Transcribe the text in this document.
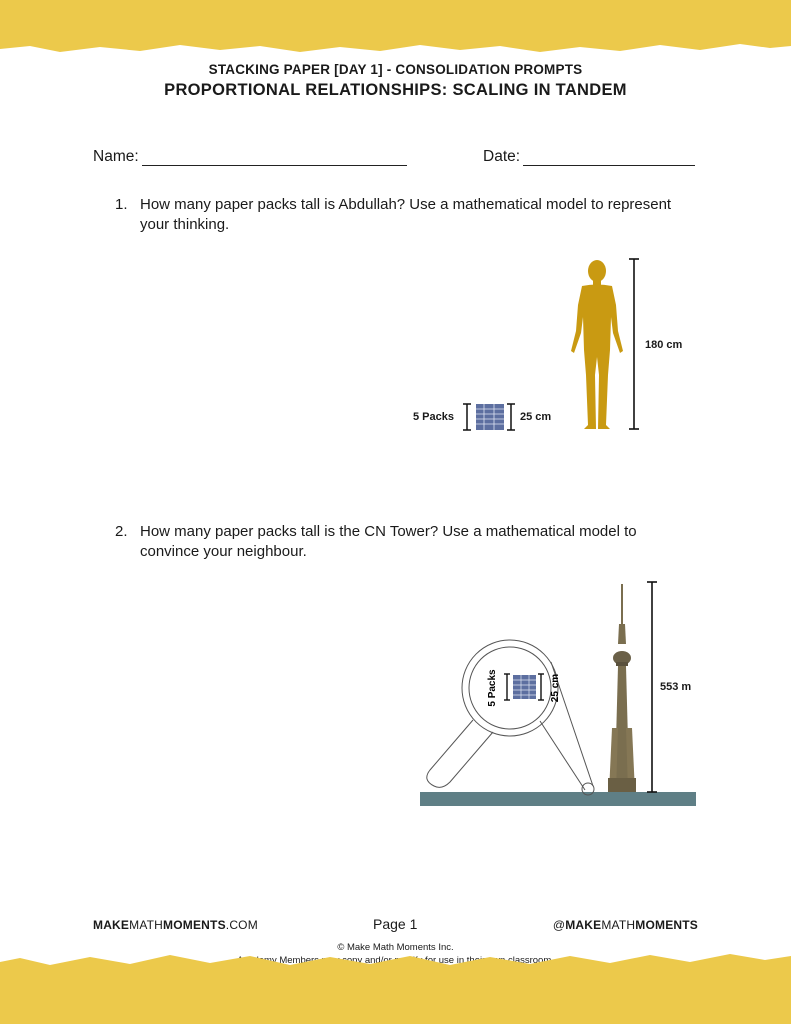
STACKING PAPER [DAY 1] - CONSOLIDATION PROMPTS
PROPORTIONAL RELATIONSHIPS: SCALING IN TANDEM
Name:	Date:
1. How many paper packs tall is Abdullah? Use a mathematical model to represent your thinking.
180 cm
5 Packs	25 cm
2. How many paper packs tall is the CN Tower? Use a mathematical model to convince your neighbour.
5 Packs	25 cm	553 m
MAKEMATHMOMENTS.COM	Page 1	@MAKEMATHMOMENTS
© Make Math Moments Inc.
